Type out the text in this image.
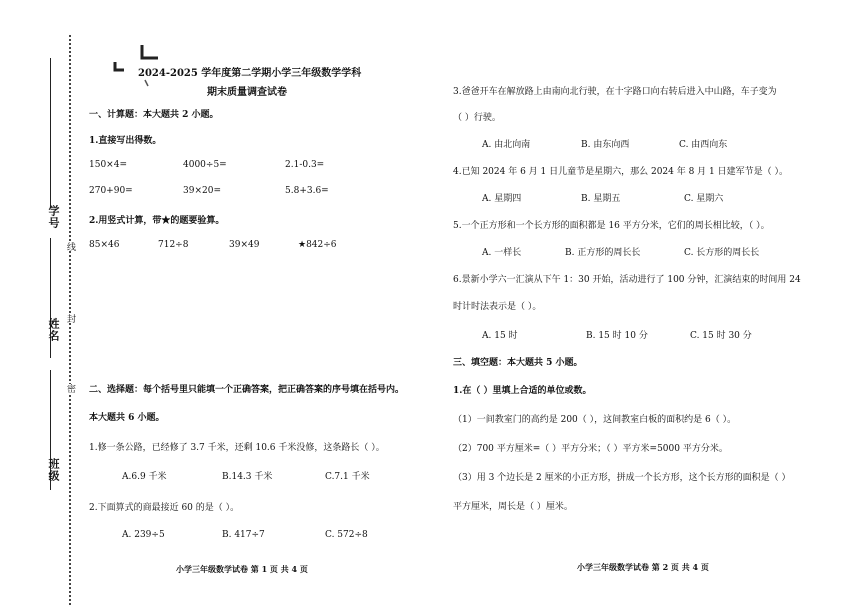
学号
姓名
班级
线
封
密
2024-2025 学年度第二学期小学三年级数学学科
期末质量调查试卷
一、计算题：本大题共 2 小题。
1.直接写出得数。
150×4=	4000÷5=	2.1-0.3=
270+90=	39×20=	5.8+3.6=
2.用竖式计算，带★的题要验算。
85×46	712÷8	39×49	★842÷6
二、选择题：每个括号里只能填一个正确答案，把正确答案的序号填在括号内。
本大题共 6 小题。
1.修一条公路，已经修了 3.7 千米，还剩 10.6 千米没修，这条路长（ ）。
A.6.9 千米	B.14.3 千米	C.7.1 千米
2.下面算式的商最接近 60 的是（ ）。
A. 239÷5	B. 417÷7	C. 572÷8
小学三年级数学试卷 第 1 页 共 4 页
3.爸爸开车在解放路上由南向北行驶，在十字路口向右转后进入中山路，车子变为
（ ）行驶。
A. 由北向南	B. 由东向西	C. 由西向东
4.已知 2024 年 6 月 1 日儿童节是星期六，那么 2024 年 8 月 1 日建军节是（ ）。
A. 星期四	B. 星期五	C. 星期六
5.一个正方形和一个长方形的面积都是 16 平方分米，它们的周长相比较，（ ）。
A. 一样长	B. 正方形的周长长	C. 长方形的周长长
6.景新小学六一汇演从下午 1：30 开始，活动进行了 100 分钟，汇演结束的时间用 24
时计时法表示是（ ）。
A. 15 时	B. 15 时 10 分	C. 15 时 30 分
三、填空题：本大题共 5 小题。
1.在（ ）里填上合适的单位或数。
（1）一间教室门的高约是 200（ ），这间教室白板的面积约是 6（ ）。
（2）700 平方厘米=（ ）平方分米；（ ）平方米=5000 平方分米。
（3）用 3 个边长是 2 厘米的小正方形，拼成一个长方形，这个长方形的面积是（ ）
平方厘米，周长是（ ）厘米。
小学三年级数学试卷 第 2 页 共 4 页
